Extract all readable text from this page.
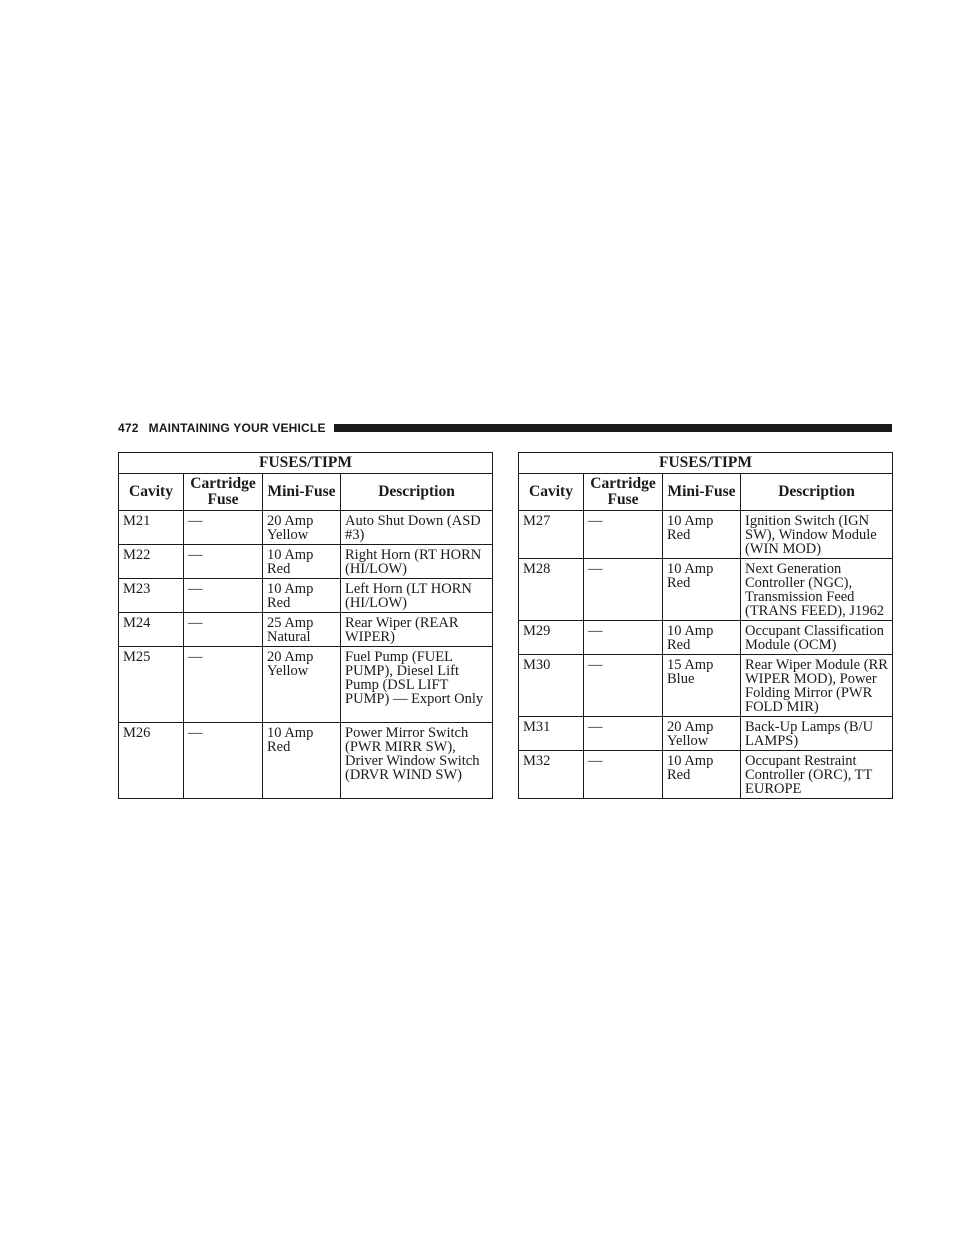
472 MAINTAINING YOUR VEHICLE
FUSES/TIPM			
Cavity	Cartridge Fuse	Mini-Fuse	Description
M21	—	20 Amp Yellow	Auto Shut Down (ASD #3)
M22	—	10 Amp Red	Right Horn (RT HORN (HI/LOW)
M23	—	10 Amp Red	Left Horn (LT HORN (HI/LOW)
M24	—	25 Amp Natural	Rear Wiper (REAR WIPER)
M25	—	20 Amp Yellow	Fuel Pump (FUEL PUMP), Diesel Lift Pump (DSL LIFT PUMP) — Export Only
M26	—	10 Amp Red	Power Mirror Switch (PWR MIRR SW), Driver Window Switch (DRVR WIND SW)
FUSES/TIPM			
Cavity	Cartridge Fuse	Mini-Fuse	Description
M27	—	10 Amp Red	Ignition Switch (IGN SW), Window Module (WIN MOD)
M28	—	10 Amp Red	Next Generation Controller (NGC), Transmission Feed (TRANS FEED), J1962
M29	—	10 Amp Red	Occupant Classification Module (OCM)
M30	—	15 Amp Blue	Rear Wiper Module (RR WIPER MOD), Power Folding Mirror (PWR FOLD MIR)
M31	—	20 Amp Yellow	Back-Up Lamps (B/U LAMPS)
M32	—	10 Amp Red	Occupant Restraint Controller (ORC), TT EUROPE
